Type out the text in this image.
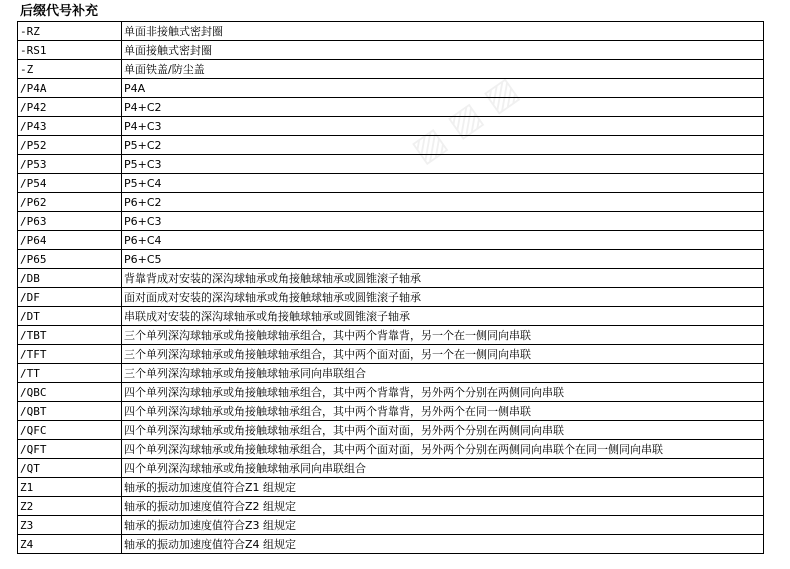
后缀代号补充
▨ ▨ ▨
-RZ	单面非接触式密封圈
-RS1	单面接触式密封圈
-Z	单面铁盖/防尘盖
/P4A	P4A
/P42	P4+C2
/P43	P4+C3
/P52	P5+C2
/P53	P5+C3
/P54	P5+C4
/P62	P6+C2
/P63	P6+C3
/P64	P6+C4
/P65	P6+C5
/DB	背靠背成对安装的深沟球轴承或角接触球轴承或圆锥滚子轴承
/DF	面对面成对安装的深沟球轴承或角接触球轴承或圆锥滚子轴承
/DT	串联成对安装的深沟球轴承或角接触球轴承或圆锥滚子轴承
/TBT	三个单列深沟球轴承或角接触球轴承组合，其中两个背靠背，另一个在一侧同向串联
/TFT	三个单列深沟球轴承或角接触球轴承组合，其中两个面对面，另一个在一侧同向串联
/TT	三个单列深沟球轴承或角接触球轴承同向串联组合
/QBC	四个单列深沟球轴承或角接触球轴承组合，其中两个背靠背，另外两个分别在两侧同向串联
/QBT	四个单列深沟球轴承或角接触球轴承组合，其中两个背靠背，另外两个在同一侧串联
/QFC	四个单列深沟球轴承或角接触球轴承组合，其中两个面对面，另外两个分别在两侧同向串联
/QFT	四个单列深沟球轴承或角接触球轴承组合，其中两个面对面，另外两个分别在两侧同向串联个在同一侧同向串联
/QT	四个单列深沟球轴承或角接触球轴承同向串联组合
Z1	轴承的振动加速度值符合Z1 组规定
Z2	轴承的振动加速度值符合Z2 组规定
Z3	轴承的振动加速度值符合Z3 组规定
Z4	轴承的振动加速度值符合Z4 组规定
